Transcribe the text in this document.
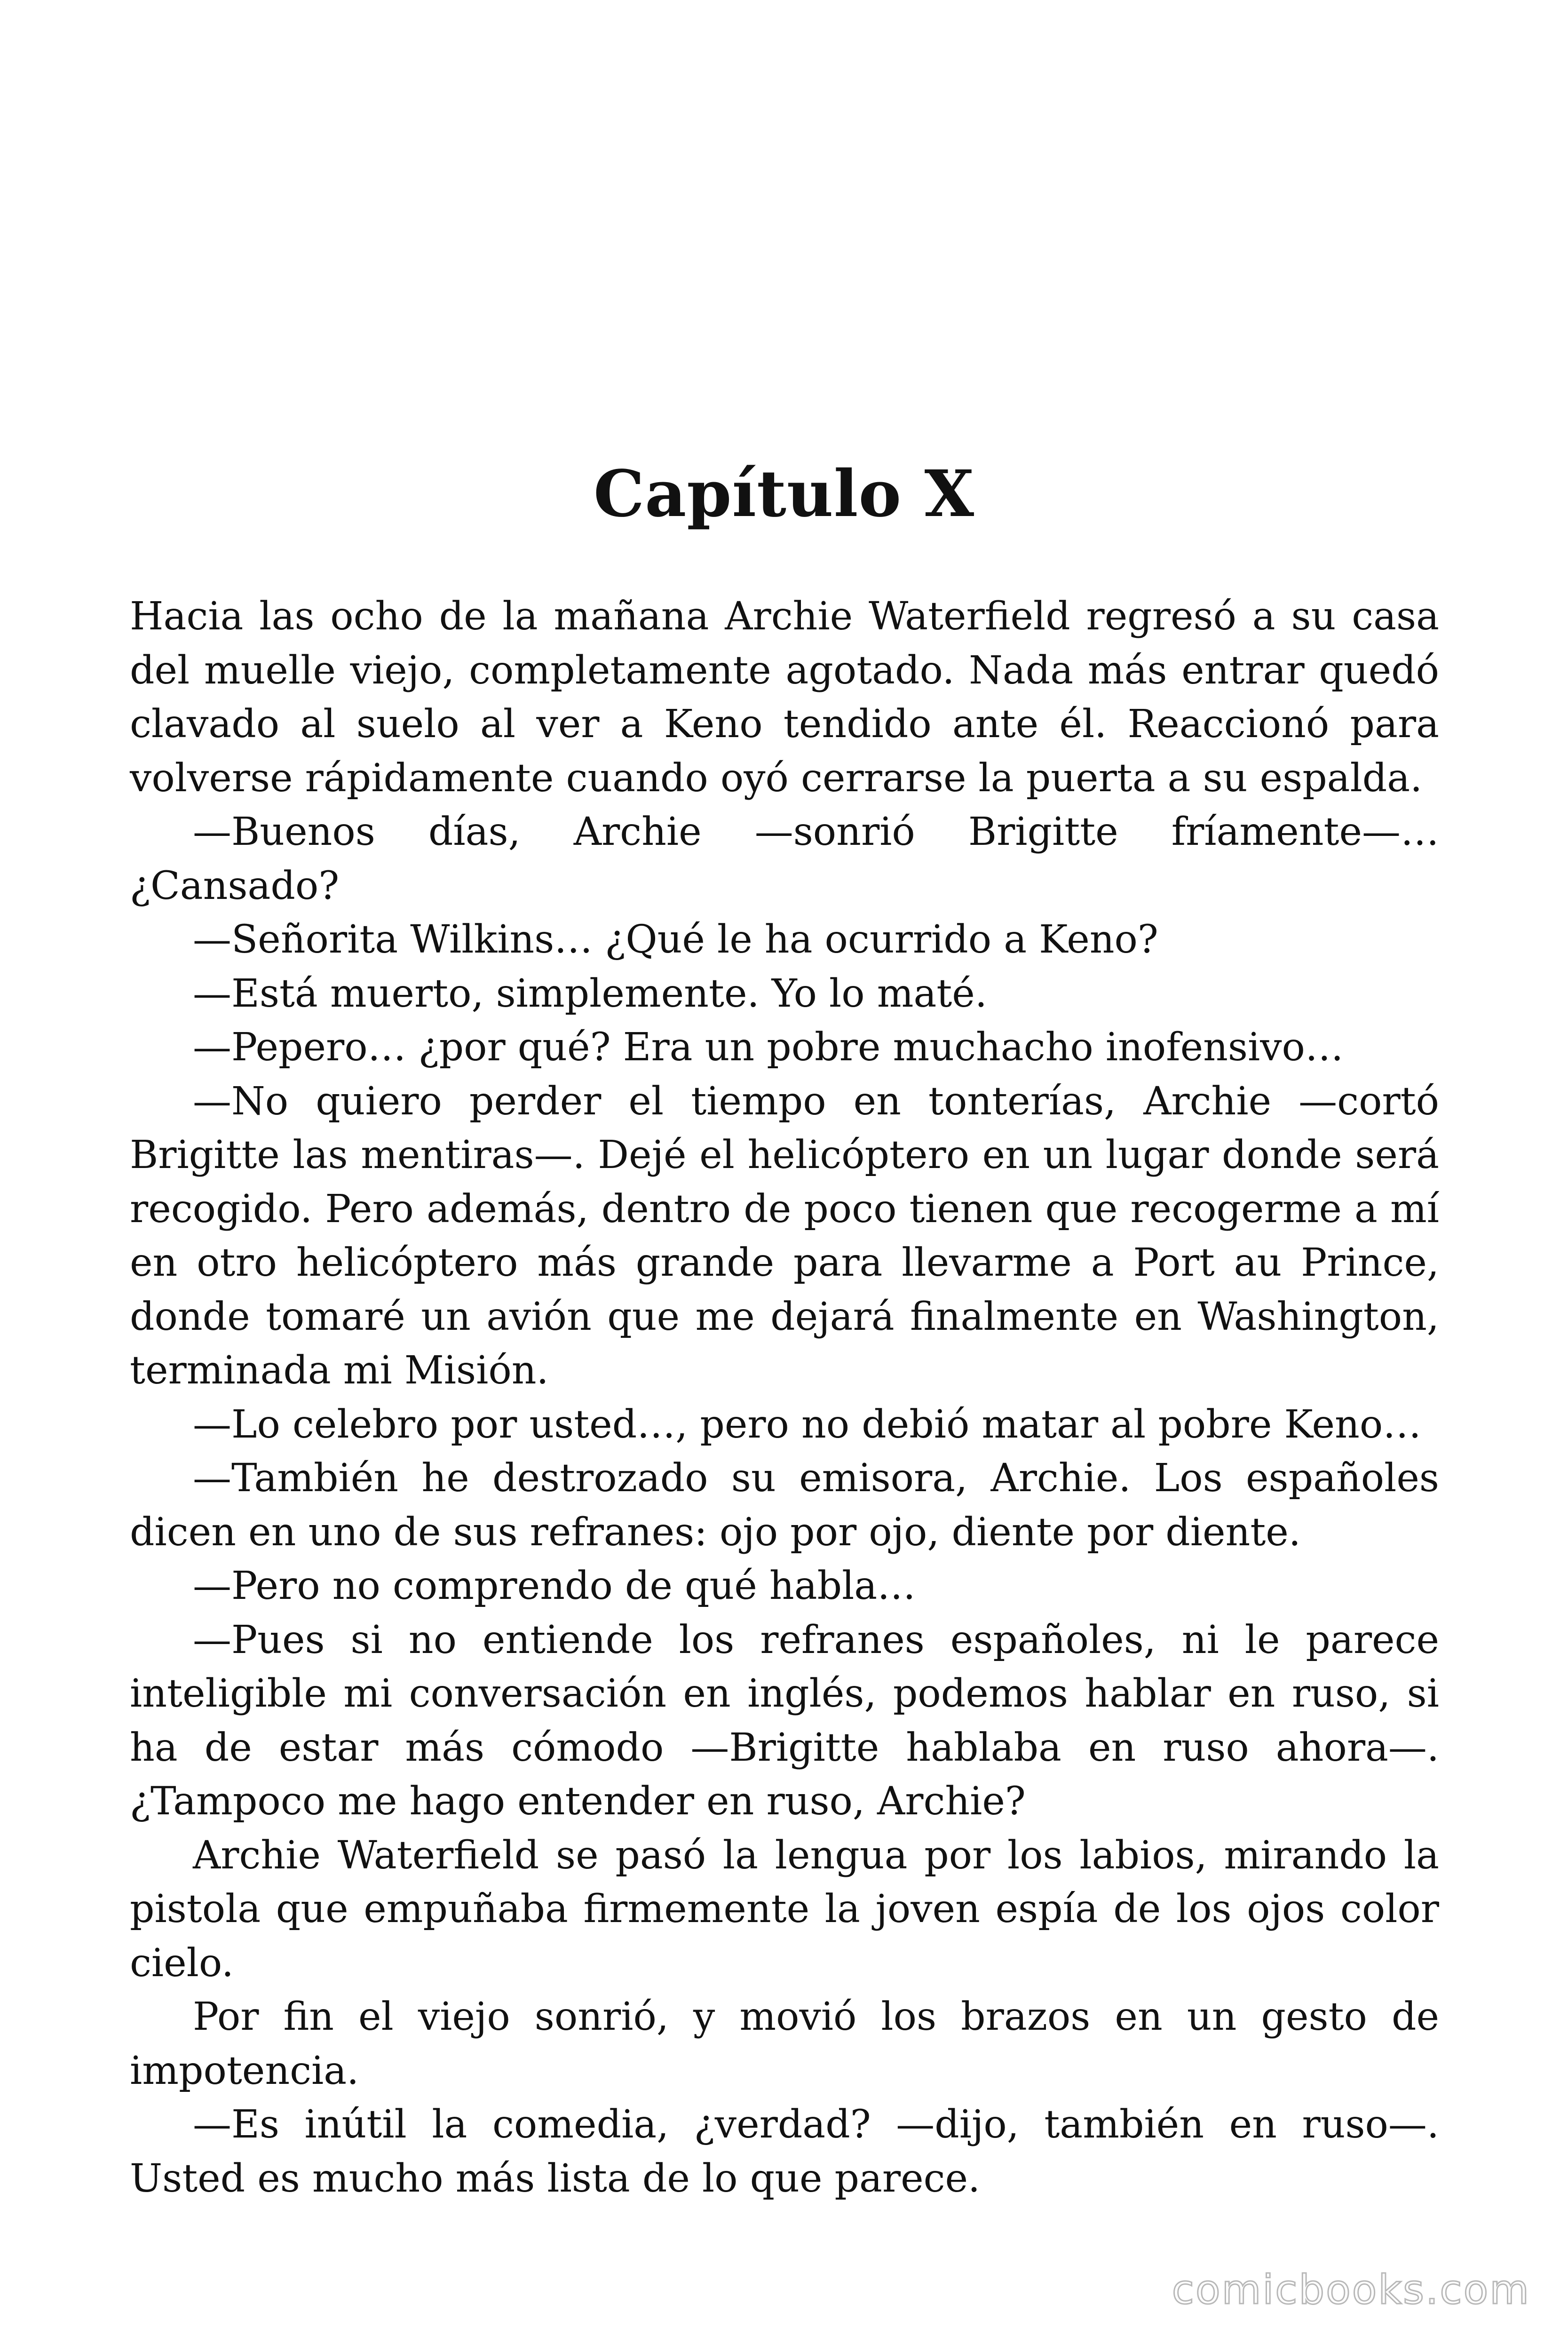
Capítulo X

Hacia las ocho de la mañana Archie Waterfield regresó a su casa del muelle viejo, completamente agotado. Nada más entrar quedó clavado al suelo al ver a Keno tendido ante él. Reaccionó para volverse rápidamente cuando oyó cerrarse la puerta a su espalda.

—Buenos días, Archie —sonrió Brigitte fríamente—… ¿Cansado?

—Señorita Wilkins… ¿Qué le ha ocurrido a Keno?

—Está muerto, simplemente. Yo lo maté.

—Pepero… ¿por qué? Era un pobre muchacho inofensivo…

—No quiero perder el tiempo en tonterías, Archie —cortó Brigitte las mentiras—. Dejé el helicóptero en un lugar donde será recogido. Pero además, dentro de poco tienen que recogerme a mí en otro helicóptero más grande para llevarme a Port au Prince, donde tomaré un avión que me dejará finalmente en Washington, terminada mi Misión.

—Lo celebro por usted…, pero no debió matar al pobre Keno…

—También he destrozado su emisora, Archie. Los españoles dicen en uno de sus refranes: ojo por ojo, diente por diente.

—Pero no comprendo de qué habla…

—Pues si no entiende los refranes españoles, ni le parece inteligible mi conversación en inglés, podemos hablar en ruso, si ha de estar más cómodo —Brigitte hablaba en ruso ahora—. ¿Tampoco me hago entender en ruso, Archie?

Archie Waterfield se pasó la lengua por los labios, mirando la pistola que empuñaba firmemente la joven espía de los ojos color cielo.

Por fin el viejo sonrió, y movió los brazos en un gesto de impotencia.

—Es inútil la comedia, ¿verdad? —dijo, también en ruso—. Usted es mucho más lista de lo que parece.

comicbooks.com
